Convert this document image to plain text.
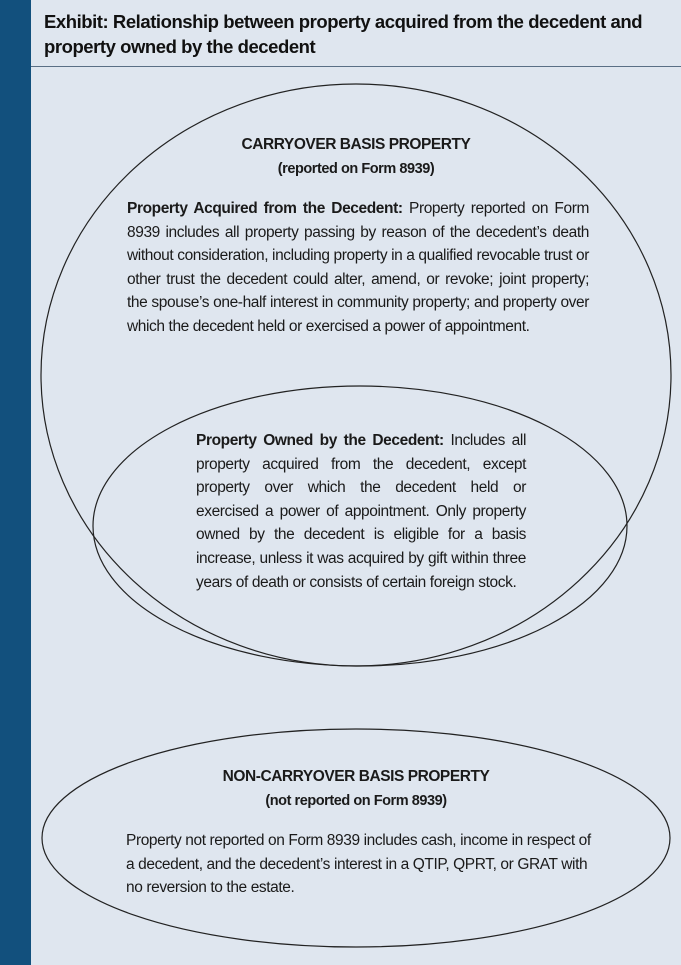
Exhibit: Relationship between property acquired from the decedent and property owned by the decedent
CARRYOVER BASIS PROPERTY
(reported on Form 8939)
Property Acquired from the Decedent: Property reported on Form 8939 includes all property passing by reason of the decedent’s death without consideration, including property in a qualified revocable trust or other trust the decedent could alter, amend, or revoke; joint property; the spouse’s one-half interest in community property; and property over which the decedent held or exercised a power of appointment.
Property Owned by the Decedent: Includes all property acquired from the decedent, except property over which the decedent held or exercised a power of appointment. Only property owned by the decedent is eligible for a basis increase, unless it was acquired by gift within three years of death or consists of certain foreign stock.
NON-CARRYOVER BASIS PROPERTY
(not reported on Form 8939)
Property not reported on Form 8939 includes cash, income in respect of a decedent, and the decedent’s interest in a QTIP, QPRT, or GRAT with no reversion to the estate.
